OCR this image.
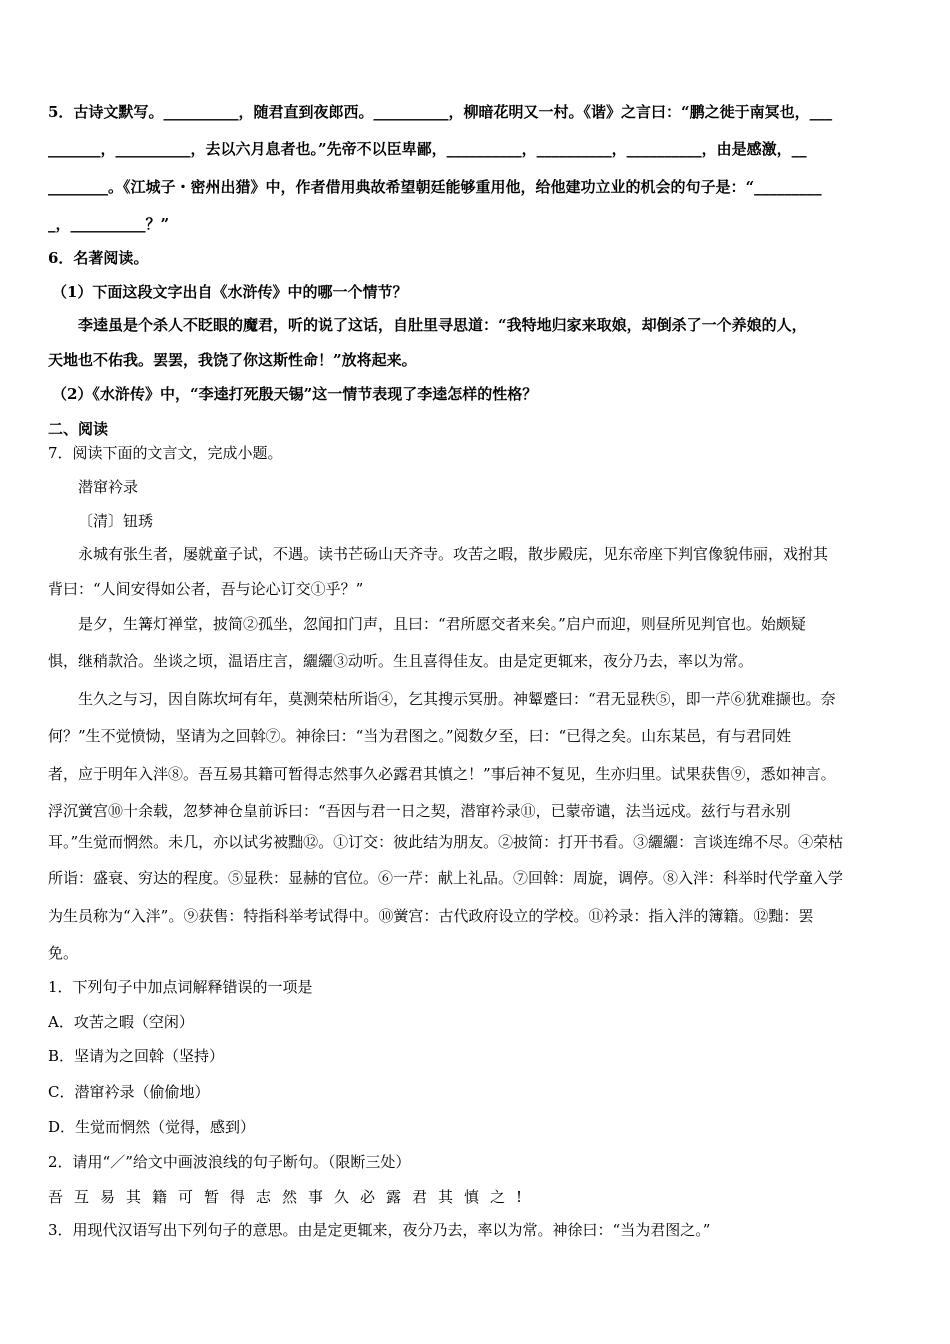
5．古诗文默写。__________，随君直到夜郎西。__________，柳暗花明又一村。《谐》之言曰：“鹏之徙于南冥也，___
_______，__________，去以六月息者也。”先帝不以臣卑鄙，__________，__________，__________，由是感激，__
________。《江城子・密州出猎》中，作者借用典故希望朝廷能够重用他，给他建功立业的机会的句子是：“_________
_，__________？”
6．名著阅读。
（1）下面这段文字出自《水浒传》中的哪一个情节？
李逵虽是个杀人不眨眼的魔君，听的说了这话，自肚里寻思道：“我特地归家来取娘，却倒杀了一个养娘的人，
天地也不佑我。罢罢，我饶了你这斯性命！”放将起来。
（2）《水浒传》中，“李逵打死殷天锡”这一情节表现了李逵怎样的性格？
二、阅读
7．阅读下面的文言文，完成小题。
潜窜衿录
〔清〕钮琇
永城有张生者，屡就童子试，不遇。读书芒砀山天齐寺。攻苦之暇，散步殿庑，见东帝座下判官像貌伟丽，戏拊其
背曰：“人间安得如公者，吾与论心订交①乎？”
是夕，生篝灯禅堂，披简②孤坐，忽闻扣门声，且曰：“君所愿交者来矣。”启户而迎，则昼所见判官也。始颇疑
惧，继稍款洽。坐谈之顷，温语庄言，纚纚③动听。生且喜得佳友。由是定更辄来，夜分乃去，率以为常。
生久之与习，因自陈坎坷有年，莫测荣枯所诣④，乞其搜示冥册。神颦蹙曰：“君无显秩⑤，即一芹⑥犹难撷也。奈
何？”生不觉愤恸，坚请为之回斡⑦。神徐曰：“当为君图之。”阅数夕至，曰：“已得之矣。山东某邑，有与君同姓
者，应于明年入泮⑧。吾互易其籍可暂得志然事久必露君其慎之！”事后神不复见，生亦归里。试果获售⑨，悉如神言。
浮沉黉宫⑩十余载，忽梦神仓皇前诉曰：“吾因与君一日之契，潜窜衿录⑪，已蒙帝谴，法当远戍。兹行与君永别
耳。”生觉而惘然。未几，亦以试劣被黜⑫。①订交：彼此结为朋友。②披简：打开书看。③纚纚：言谈连绵不尽。④荣枯
所诣：盛衰、穷达的程度。⑤显秩：显赫的官位。⑥一芹：献上礼品。⑦回斡：周旋，调停。⑧入泮：科举时代学童入学
为生员称为“入泮”。⑨获售：特指科举考试得中。⑩黉宫：古代政府设立的学校。⑪衿录：指入泮的簿籍。⑫黜：罢
免。
1．下列句子中加点词解释错误的一项是
A．攻苦之暇（空闲）
B．坚请为之回斡（坚持）
C．潜窜衿录（偷偷地）
D．生觉而惘然（觉得，感到）
2．请用“／”给文中画波浪线的句子断句。（限断三处）
吾互易其籍可暂得志然事久必露君其慎之!
3．用现代汉语写出下列句子的意思。由是定更辄来，夜分乃去，率以为常。神徐曰：“当为君图之。”
